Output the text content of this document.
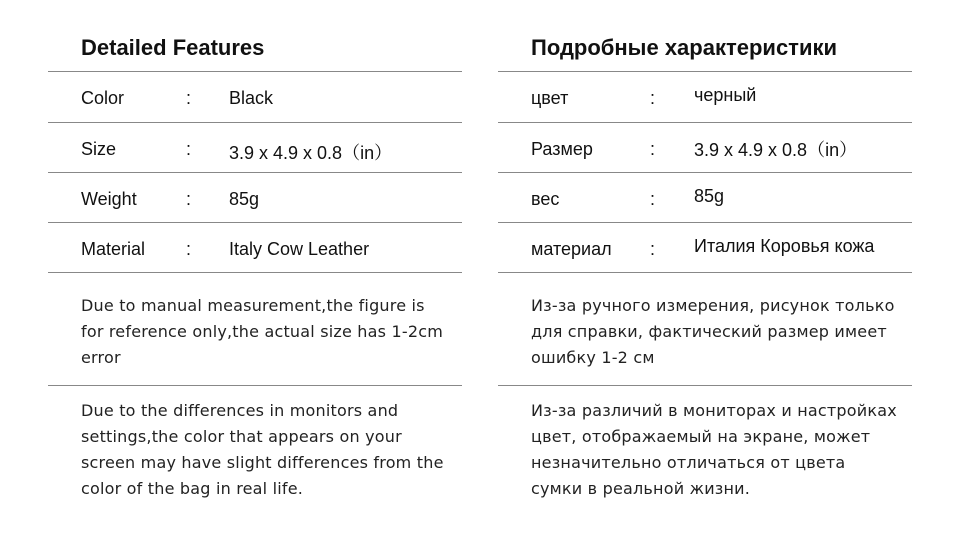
Detailed Features
Color	: Black
Size	: 3.9 x 4.9 x 0.8（in）
Weight	: 85g
Material : Italy Cow Leather
Due to manual measurement,the figure is for reference only,the actual size has 1-2cm error
Due to the differences in monitors and settings,the color that appears on your screen may have slight differences from the color of the bag in real life.
Подробные характеристики
цвет	: черный
Размер	: 3.9 x 4.9 x 0.8（in）
вес	: 85g
материал : Италия Коровья кожа
Из-за ручного измерения, рисунок только для справки, фактический размер имеет ошибку 1-2 см
Из-за различий в мониторах и настройках цвет, отображаемый на экране, может незначительно отличаться от цвета сумки в реальной жизни.
